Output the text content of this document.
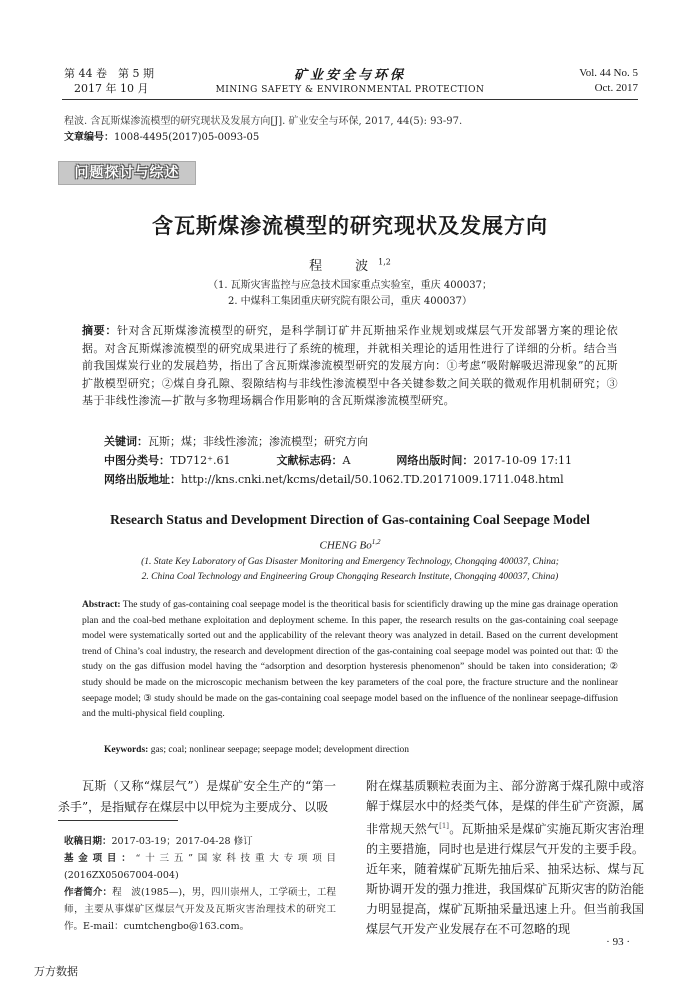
第 44 卷　第 5 期
2017 年 10 月
矿业安全与环保
MINING SAFETY & ENVIRONMENTAL PROTECTION
Vol. 44 No. 5
Oct. 2017
程波. 含瓦斯煤渗流模型的研究现状及发展方向[J]. 矿业安全与环保, 2017, 44(5): 93-97.
文章编号：1008-4495(2017)05-0093-05
问题探讨与综述
含瓦斯煤渗流模型的研究现状及发展方向
程　波$^{1,2}$
（1. 瓦斯灾害监控与应急技术国家重点实验室，重庆 400037；
2. 中煤科工集团重庆研究院有限公司，重庆 400037）
摘要：针对含瓦斯煤渗流模型的研究，是科学制订矿井瓦斯抽采作业规划或煤层气开发部署方案的理论依据。对含瓦斯煤渗流模型的研究成果进行了系统的梳理，并就相关理论的适用性进行了详细的分析。结合当前我国煤炭行业的发展趋势，指出了含瓦斯煤渗流模型研究的发展方向：①考虑“吸附解吸迟滞现象”的瓦斯扩散模型研究；②煤自身孔隙、裂隙结构与非线性渗流模型中各关键参数之间关联的微观作用机制研究；③基于非线性渗流—扩散与多物理场耦合作用影响的含瓦斯煤渗流模型研究。
关键词：瓦斯；煤；非线性渗流；渗流模型；研究方向
中图分类号：TD712⁺.61	文献标志码：A	网络出版时间：2017-10-09 17:11
网络出版地址：http://kns.cnki.net/kcms/detail/50.1062.TD.20171009.1711.048.html
Research Status and Development Direction of Gas-containing Coal Seepage Model
CHENG Bo$^{1,2}$
(1. State Key Laboratory of Gas Disaster Monitoring and Emergency Technology, Chongqing 400037, China;
2. China Coal Technology and Engineering Group Chongqing Research Institute, Chongqing 400037, China)
Abstract: The study of gas-containing coal seepage model is the theoritical basis for scientificly drawing up the mine gas drainage operation plan and the coal-bed methane exploitation and deployment scheme. In this paper, the research results on the gas-containing coal seepage model were systematically sorted out and the applicability of the relevant theory was analyzed in detail. Based on the current development trend of China’s coal industry, the research and development direction of the gas-containing coal seepage model was pointed out that: ① the study on the gas diffusion model having the “adsorption and desorption hysteresis phenomenon” should be taken into consideration; ② study should be made on the microscopic mechanism between the key parameters of the coal pore, the fracture structure and the nonlinear seepage model; ③ study should be made on the gas-containing coal seepage model based on the influence of the nonlinear seepage-diffusion and the multi-physical field coupling.
Keywords: gas; coal; nonlinear seepage; seepage model; development direction

瓦斯（又称“煤层气”）是煤矿安全生产的“第一杀手”，是指赋存在煤层中以甲烷为主要成分、以吸

收稿日期：2017-03-19；2017-04-28 修订
基金项目：“十三五”国家科技重大专项项目(2016ZX05067004-004)
作者简介：程　波(1985—)，男，四川崇州人，工学硕士，工程师，主要从事煤矿区煤层气开发及瓦斯灾害治理技术的研究工作。E-mail：cumtchengbo@163.com。

附在煤基质颗粒表面为主、部分游离于煤孔隙中或溶解于煤层水中的烃类气体，是煤的伴生矿产资源，属非常规天然气[1]。瓦斯抽采是煤矿实施瓦斯灾害治理的主要措施，同时也是进行煤层气开发的主要手段。近年来，随着煤矿瓦斯先抽后采、抽采达标、煤与瓦斯协调开发的强力推进，我国煤矿瓦斯灾害的防治能力明显提高，煤矿瓦斯抽采量迅速上升。但当前我国煤层气开发产业发展存在不可忽略的现

· 93 ·
万方数据
